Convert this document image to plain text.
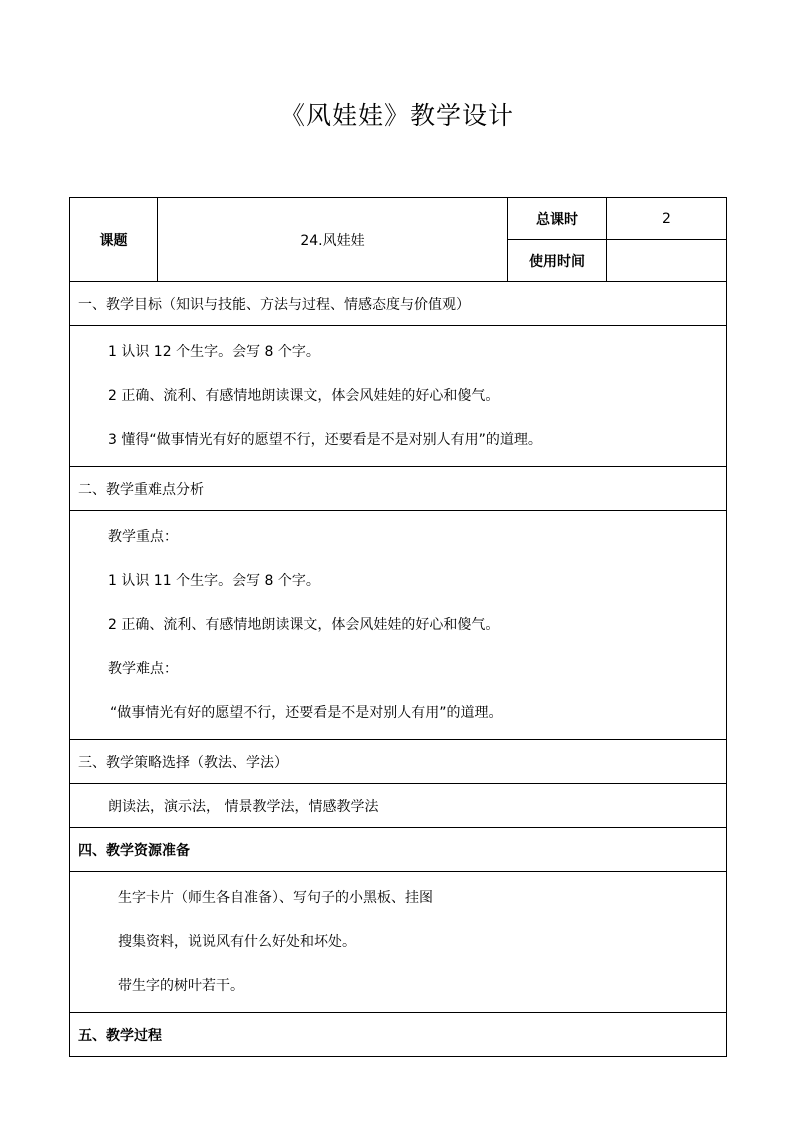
《风娃娃》教学设计
课题	24.风娃娃	总课时	2
		使用时间	
一、教学目标（知识与技能、方法与过程、情感态度与价值观）			

1 认识 12 个生字。会写 8 个字。
2 正确、流利、有感情地朗读课文，体会风娃娃的好心和傻气。
3 懂得“做事情光有好的愿望不行，还要看是不是对别人有用”的道理。			

二、教学重难点分析			

教学重点：
1 认识 11 个生字。会写 8 个字。
2 正确、流利、有感情地朗读课文，体会风娃娃的好心和傻气。
教学难点：
“做事情光有好的愿望不行，还要看是不是对别人有用”的道理。			

三、教学策略选择（教法、学法）			
朗读法，演示法， 情景教学法，情感教学法			
四、教学资源准备			

生字卡片（师生各自准备）、写句子的小黑板、挂图
搜集资料，说说风有什么好处和坏处。
带生字的树叶若干。			

五、教学过程			
